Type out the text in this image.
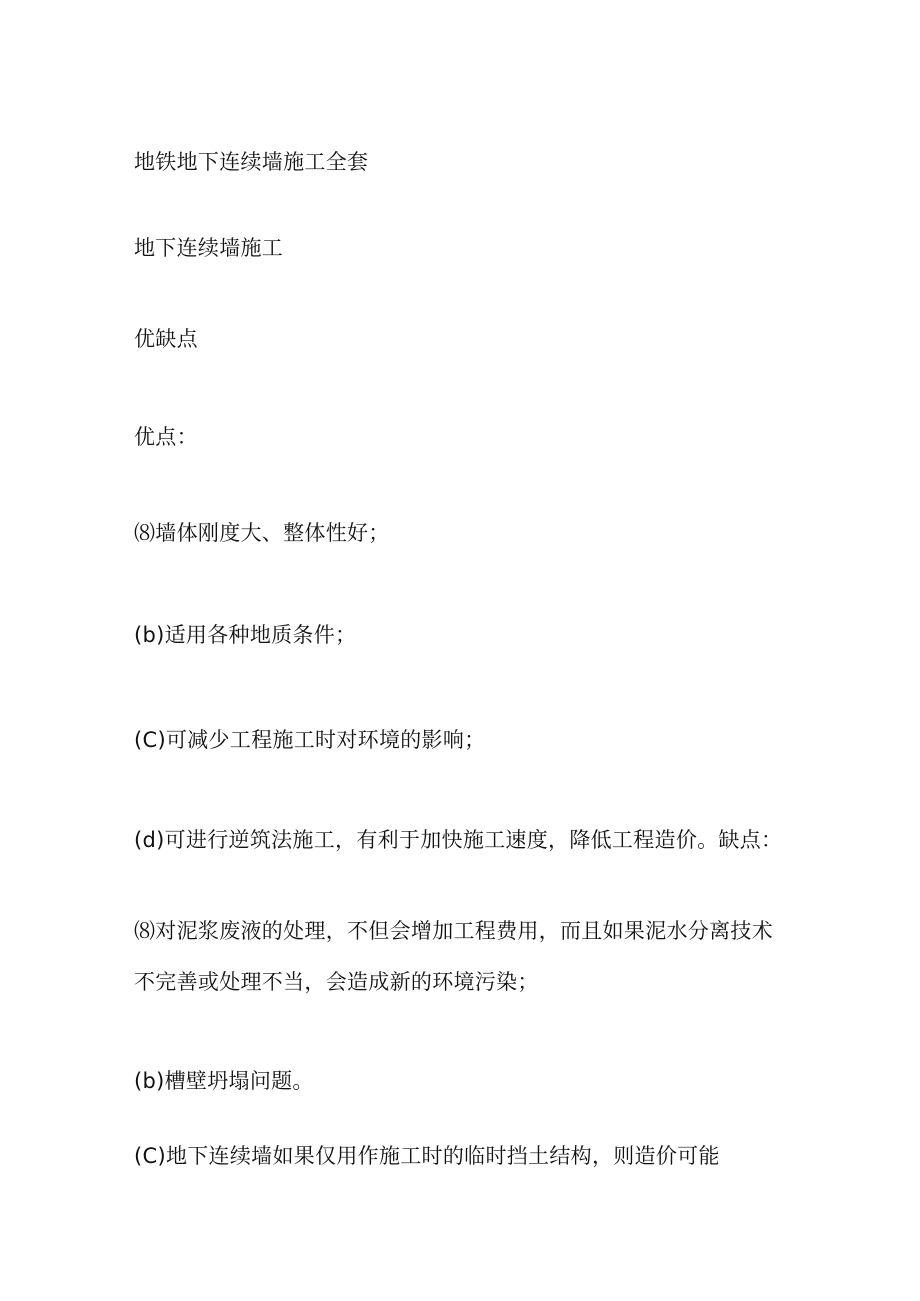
地铁地下连续墙施工全套
地下连续墙施工
优缺点
优点：
⑻墙体刚度大、整体性好；
(b)适用各种地质条件；
(C)可减少工程施工时对环境的影响；
(d)可进行逆筑法施工，有利于加快施工速度，降低工程造价。缺点：
⑻对泥浆废液的处理，不但会增加工程费用，而且如果泥水分离技术
不完善或处理不当，会造成新的环境污染；
(b)槽壁坍塌问题。
(C)地下连续墙如果仅用作施工时的临时挡土结构，则造价可能
